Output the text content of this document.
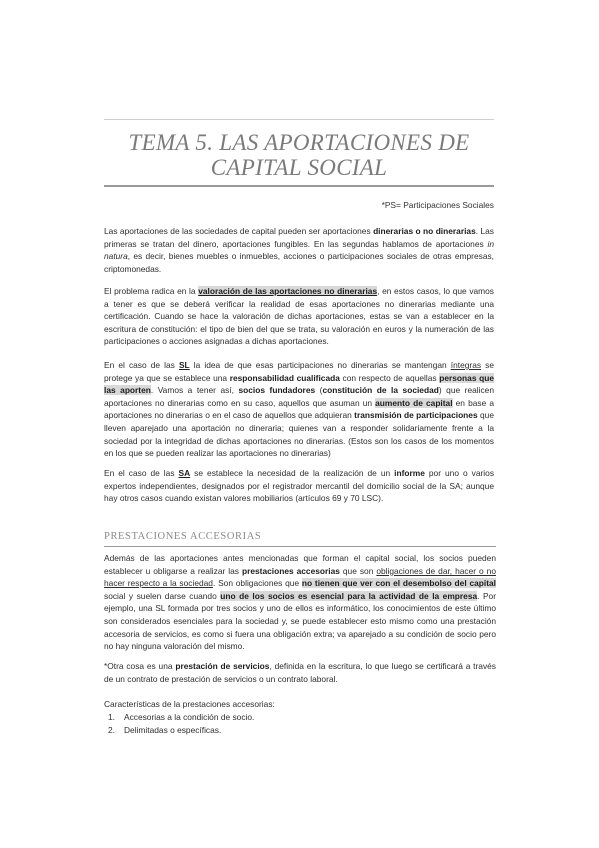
TEMA 5. LAS APORTACIONES DE CAPITAL SOCIAL
*PS= Participaciones Sociales

Las aportaciones de las sociedades de capital pueden ser aportaciones dinerarias o no dinerarias. Las primeras se tratan del dinero, aportaciones fungibles. En las segundas hablamos de aportaciones in natura, es decir, bienes muebles o inmuebles, acciones o participaciones sociales de otras empresas, criptomonedas.

El problema radica en la valoración de las aportaciones no dinerarias, en estos casos, lo que vamos a tener es que se deberá verificar la realidad de esas aportaciones no dinerarias mediante una certificación. Cuando se hace la valoración de dichas aportaciones, estas se van a establecer en la escritura de constitución: el tipo de bien del que se trata, su valoración en euros y la numeración de las participaciones o acciones asignadas a dichas aportaciones.

En el caso de las SL la idea de que esas participaciones no dinerarias se mantengan íntegras se protege ya que se establece una responsabilidad cualificada con respecto de aquellas personas que las aporten. Vamos a tener así, socios fundadores (constitución de la sociedad) que realicen aportaciones no dinerarias como en su caso, aquellos que asuman un aumento de capital en base a aportaciones no dinerarias o en el caso de aquellos que adquieran transmisión de participaciones que lleven aparejado una aportación no dineraria; quienes van a responder solidariamente frente a la sociedad por la integridad de dichas aportaciones no dinerarias. (Estos son los casos de los momentos en los que se pueden realizar las aportaciones no dinerarias)

En el caso de las SA se establece la necesidad de la realización de un informe por uno o varios expertos independientes, designados por el registrador mercantil del domicilio social de la SA; aunque hay otros casos cuando existan valores mobiliarios (artículos 69 y 70 LSC).

PRESTACIONES ACCESORIAS

Además de las aportaciones antes mencionadas que forman el capital social, los socios pueden establecer u obligarse a realizar las prestaciones accesorias que son obligaciones de dar, hacer o no hacer respecto a la sociedad. Son obligaciones que no tienen que ver con el desembolso del capital social y suelen darse cuando uno de los socios es esencial para la actividad de la empresa. Por ejemplo, una SL formada por tres socios y uno de ellos es informático, los conocimientos de este último son considerados esenciales para la sociedad y, se puede establecer esto mismo como una prestación accesoria de servicios, es como si fuera una obligación extra; va aparejado a su condición de socio pero no hay ninguna valoración del mismo.

*Otra cosa es una prestación de servicios, definida en la escritura, lo que luego se certificará a través de un contrato de prestación de servicios o un contrato laboral.

Características de la prestaciones accesorias:

1. Accesorias a la condición de socio.
2. Delimitadas o específicas.
